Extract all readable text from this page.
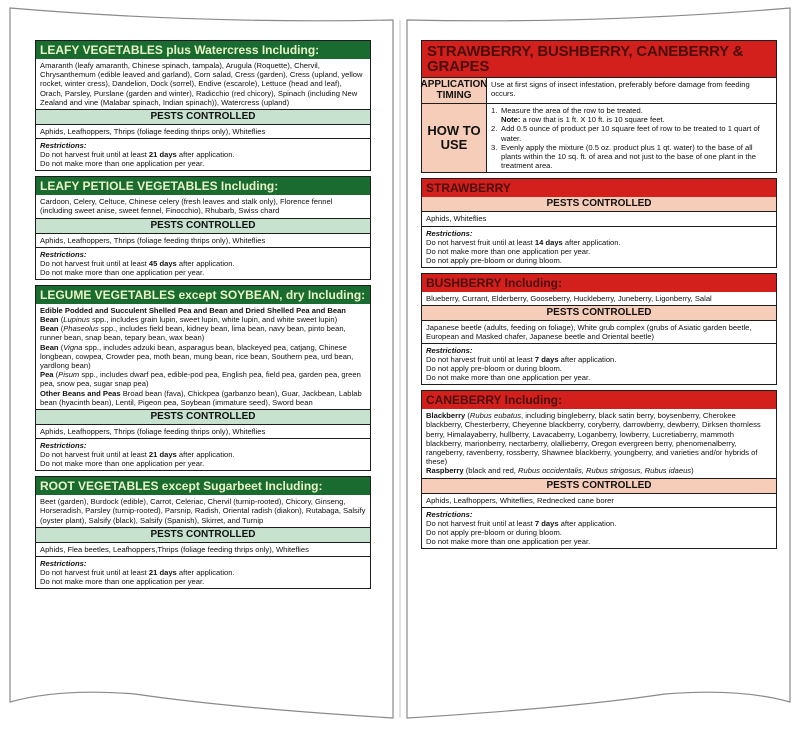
LEAFY VEGETABLES plus Watercress Including:
Amaranth (leafy amaranth, Chinese spinach, tampala), Arugula (Roquette), Chervil, Chrysanthemum (edible leaved and garland), Corn salad, Cress (garden), Cress (upland, yellow rocket, winter cress), Dandelion, Dock (sorrel), Endive (escarole), Lettuce (head and leaf), Orach, Parsley, Purslane (garden and winter), Radicchio (red chicory), Spinach (including New Zealand and vine (Malabar spinach, Indian spinach)), Watercress (upland)
PESTS CONTROLLED
Aphids, Leafhoppers, Thrips (foliage feeding thrips only), Whiteflies
Restrictions:
Do not harvest fruit until at least 21 days after application.
Do not make more than one application per year.
LEAFY PETIOLE VEGETABLES Including:
Cardoon, Celery, Celtuce, Chinese celery (fresh leaves and stalk only), Florence fennel (including sweet anise, sweet fennel, Finocchio), Rhubarb, Swiss chard
PESTS CONTROLLED
Aphids, Leafhoppers, Thrips (foliage feeding thrips only), Whiteflies
Restrictions:
Do not harvest fruit until at least 45 days after application.
Do not make more than one application per year.
LEGUME VEGETABLES except SOYBEAN, dry Including:
Edible Podded and Succulent Shelled Pea and Bean and Dried Shelled Pea and Bean
Bean (Lupinus spp., includes grain lupin, sweet lupin, white lupin, and white sweet lupin)
Bean (Phaseolus spp., includes field bean, kidney bean, lima bean, navy bean, pinto bean, runner bean, snap bean, tepary bean, wax bean)
Bean (Vigna spp., includes adzuki bean, asparagus bean, blackeyed pea, catjang, Chinese longbean, cowpea, Crowder pea, moth bean, mung bean, rice bean, Southern pea, urd bean, yardlong bean)
Pea (Pisum spp., includes dwarf pea, edible-pod pea, English pea, field pea, garden pea, green pea, snow pea, sugar snap pea)
Other Beans and Peas Broad bean (fava), Chickpea (garbanzo bean), Guar, Jackbean, Lablab bean (hyacinth bean), Lentil, Pigeon pea, Soybean (immature seed), Sword bean
PESTS CONTROLLED
Aphids, Leafhoppers, Thrips (foliage feeding thrips only), Whiteflies
Restrictions:
Do not harvest fruit until at least 21 days after application.
Do not make more than one application per year.
ROOT VEGETABLES except Sugarbeet Including:
Beet (garden), Burdock (edible), Carrot, Celeriac, Chervil (turnip-rooted), Chicory, Ginseng, Horseradish, Parsley (turnip-rooted), Parsnip, Radish, Oriental radish (diakon), Rutabaga, Salsify (oyster plant), Salsify (black), Salsify (Spanish), Skirret, and Turnip
PESTS CONTROLLED
Aphids, Flea beetles, Leafhoppers,Thrips (foliage feeding thrips only), Whiteflies
Restrictions:
Do not harvest fruit until at least 21 days after application.
Do not make more than one application per year.
STRAWBERRY, BUSHBERRY, CANEBERRY & GRAPES
APPLICATION TIMING
Use at first signs of insect infestation, preferably before damage from feeding occurs.
HOW TO USE
1. Measure the area of the row to be treated.
Note: a row that is 1 ft. X 10 ft. is 10 square feet.
2. Add 0.5 ounce of product per 10 square feet of row to be treated to 1 quart of water.
3. Evenly apply the mixture (0.5 oz. product plus 1 qt. water) to the base of all plants within the 10 sq. ft. of area and not just to the base of one plant in the treatment area.
STRAWBERRY
PESTS CONTROLLED
Aphids, Whiteflies
Restrictions:
Do not harvest fruit until at least 14 days after application.
Do not make more than one application per year.
Do not apply pre-bloom or during bloom.
BUSHBERRY Including:
Blueberry, Currant, Elderberry, Gooseberry, Huckleberry, Juneberry, Ligonberry, Salal
PESTS CONTROLLED
Japanese beetle (adults, feeding on foliage), White grub complex (grubs of Asiatic garden beetle, European and Masked chafer, Japanese beetle and Oriental beetle)
Restrictions:
Do not harvest fruit until at least 7 days after application.
Do not apply pre-bloom or during bloom.
Do not make more than one application per year.
CANEBERRY Including:
Blackberry (Rubus eubatus, including bingleberry, black satin berry, boysenberry, Cherokee blackberry, Chesterberry, Cheyenne blackberry, coryberry, darrowberry, dewberry, Dirksen thornless berry, Himalayaberry, hullberry, Lavacaberry, Loganberry, lowberry, Lucretiaberry, mammoth blackberry, marionberry, nectarberry, olallieberry, Oregon evergreen berry, phenomenalberry, rangeberry, ravenberry, rossberry, Shawnee blackberry, youngberry, and varieties and/or hybrids of these)
Raspberry (black and red, Rubus occidentalis, Rubus strigosus, Rubus idaeus)
PESTS CONTROLLED
Aphids, Leafhoppers, Whiteflies, Rednecked cane borer
Restrictions:
Do not harvest fruit until at least 7 days after application.
Do not apply pre-bloom or during bloom.
Do not make more than one application per year.
